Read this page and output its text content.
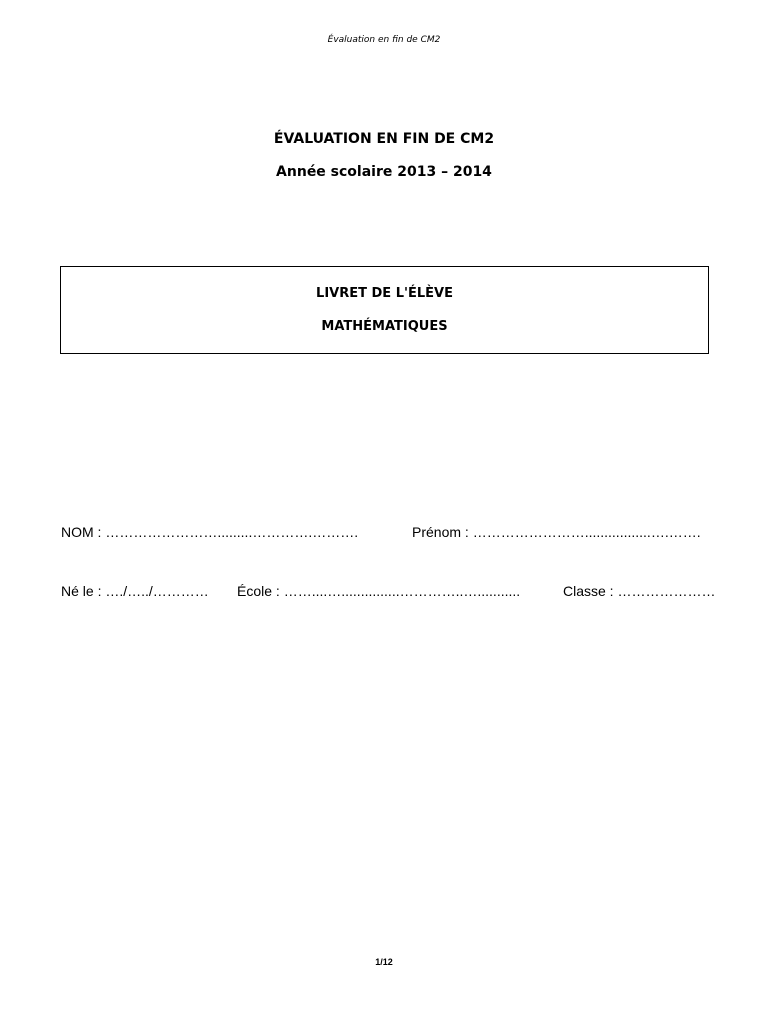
Évaluation en fin de CM2
ÉVALUATION EN FIN DE CM2
Année scolaire 2013 – 2014
LIVRET DE L'ÉLÈVE
MATHÉMATIQUES
NOM : …………………….........………….……….	Prénom : …………………….................….…….
Né le : …./…../………… École : ……....…...............…………..…...........	Classe : …………………
1/12
